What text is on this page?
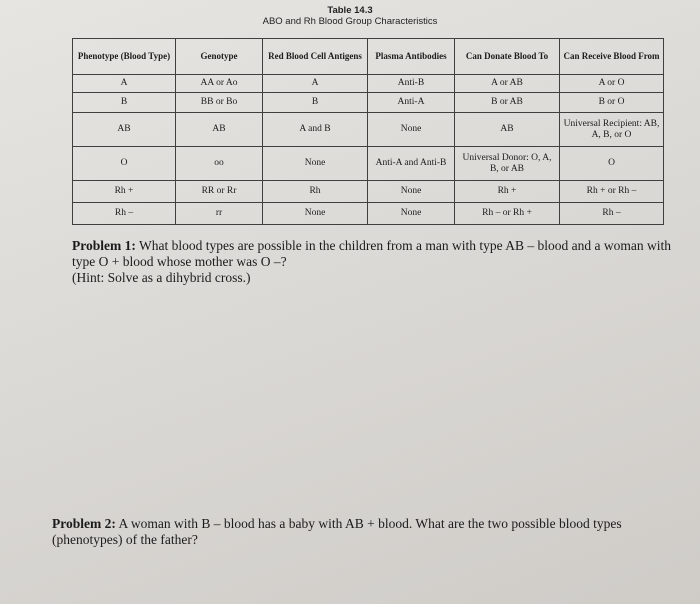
Table 14.3
ABO and Rh Blood Group Characteristics
Phenotype (Blood Type)	Genotype	Red Blood Cell Antigens	Plasma Antibodies	Can Donate Blood To	Can Receive Blood From
A	AA or Ao	A	Anti-B	A or AB	A or O
B	BB or Bo	B	Anti-A	B or AB	B or O
AB	AB	A and B	None	AB	Universal Recipient: AB, A, B, or O
O	oo	None	Anti-A and Anti-B	Universal Donor: O, A, B, or AB	O
Rh +	RR or Rr	Rh	None	Rh +	Rh + or Rh –
Rh –	rr	None	None	Rh – or Rh +	Rh –
Problem 1: What blood types are possible in the children from a man with type AB – blood and a woman with type O + blood whose mother was O –?
(Hint: Solve as a dihybrid cross.)
Problem 2: A woman with B – blood has a baby with AB + blood. What are the two possible blood types (phenotypes) of the father?
